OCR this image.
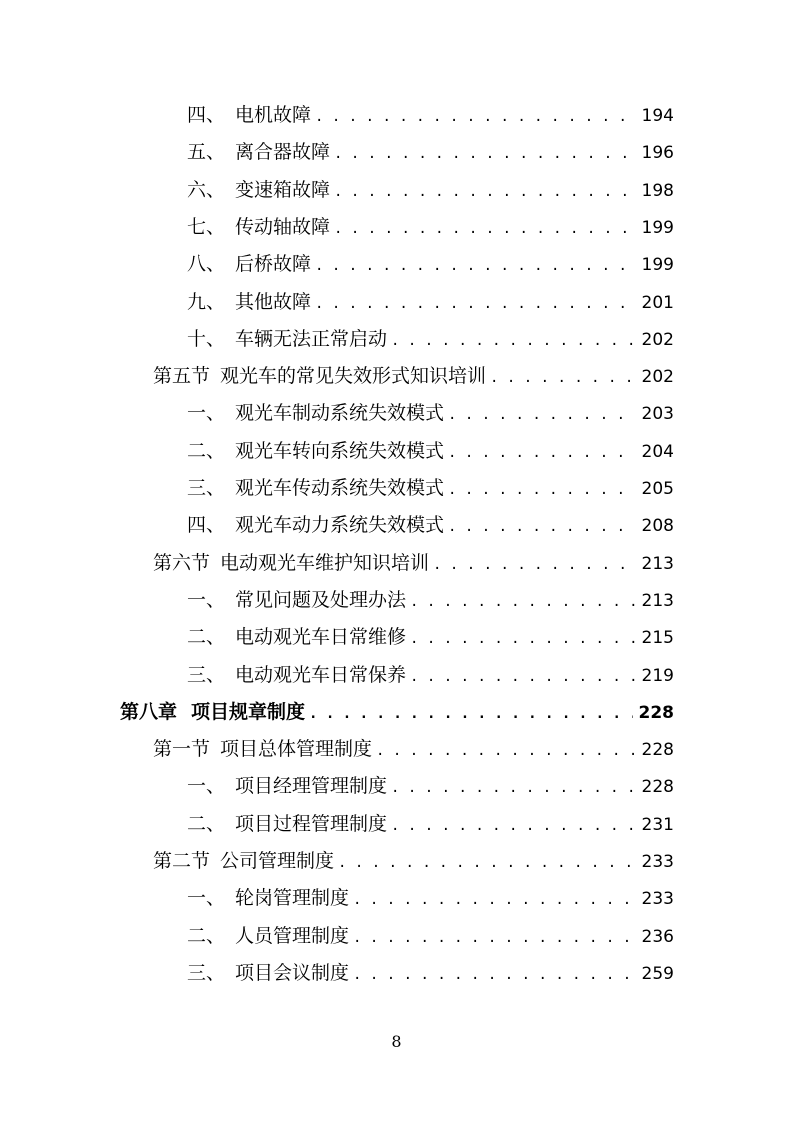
四、 电机故障 . . .	194
五、 离合器故障 . . .	196
六、 变速箱故障 . . .	198
七、 传动轴故障 . . .	199
八、 后桥故障 . . .	199
九、 其他故障 . . .	201
十、 车辆无法正常启动 . . .	202
第五节 观光车的常见失效形式知识培训 . . .	202
一、 观光车制动系统失效模式 . . .	203
二、 观光车转向系统失效模式 . . .	204
三、 观光车传动系统失效模式 . . .	205
四、 观光车动力系统失效模式 . . .	208
第六节 电动观光车维护知识培训 . . .	213
一、 常见问题及处理办法 . . .	213
二、 电动观光车日常维修 . . .	215
三、 电动观光车日常保养 . . .	219
第八章 项目规章制度 . . .	228
第一节 项目总体管理制度 . . .	228
一、 项目经理管理制度 . . .	228
二、 项目过程管理制度 . . .	231
第二节 公司管理制度 . . .	233
一、 轮岗管理制度 . . .	233
二、 人员管理制度 . . .	236
三、 项目会议制度 . . .	259
8
